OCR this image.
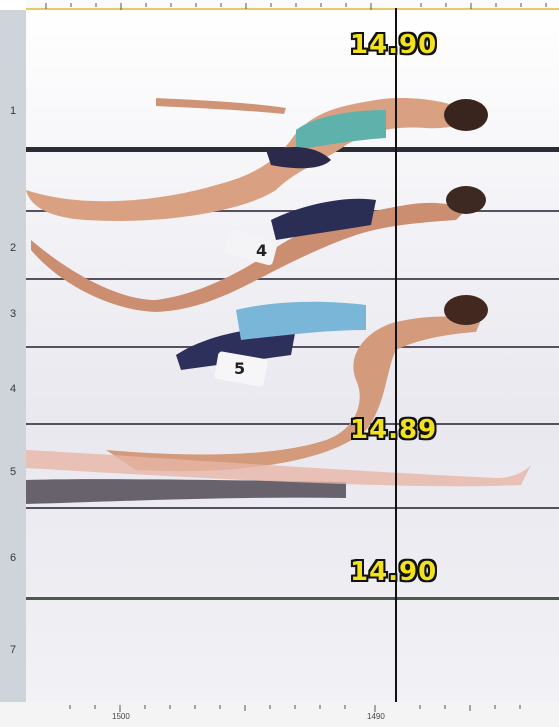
1
2
3
4
5
6
7
4
5
14.90
14.89
14.90
1500	1490
